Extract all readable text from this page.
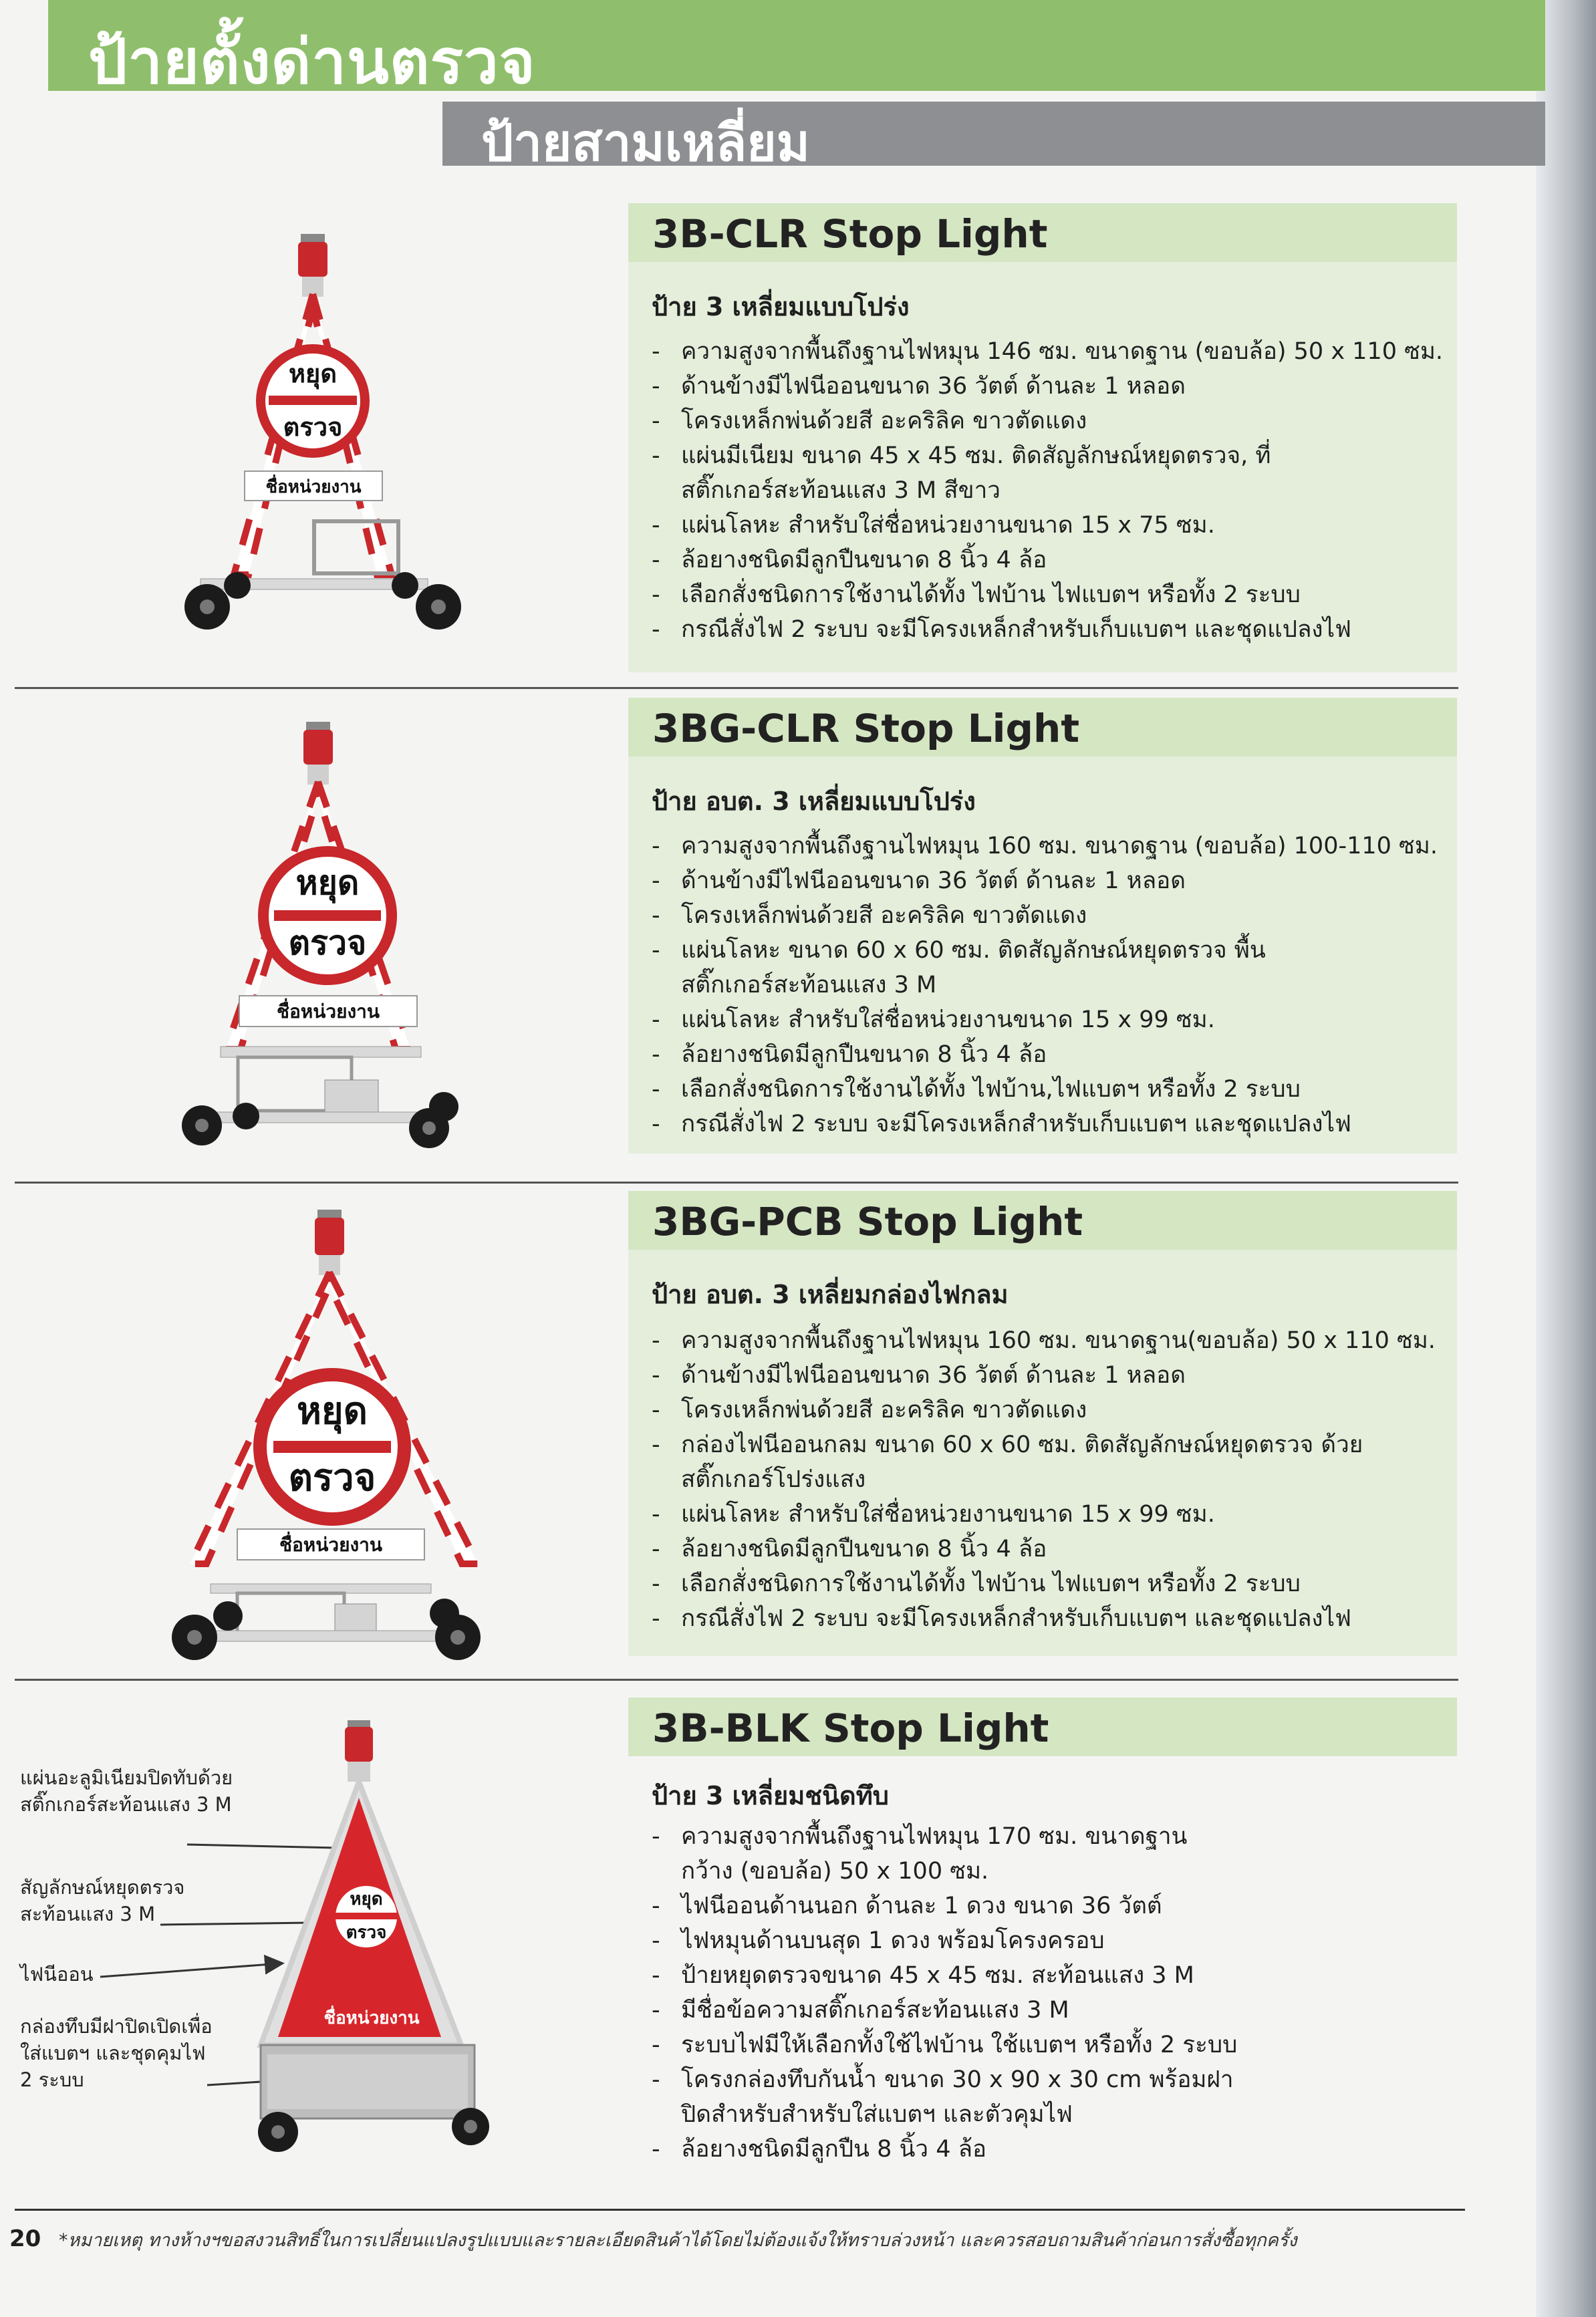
ป้ายตั้งด่านตรวจ
ป้ายสามเหลี่ยม
หยุด
ตรวจ
ชื่อหน่วยงาน
3B-CLR Stop Light
ป้าย 3 เหลี่ยมแบบโปร่ง
- ความสูงจากพื้นถึงฐานไฟหมุน 146 ซม. ขนาดฐาน (ขอบล้อ) 50 x 110 ซม.
- ด้านข้างมีไฟนีออนขนาด 36 วัตต์ ด้านละ 1 หลอด
- โครงเหล็กพ่นด้วยสี อะคริลิค ขาวตัดแดง
- แผ่นมีเนียม ขนาด 45 x 45 ซม. ติดสัญลักษณ์หยุดตรวจ, ที่สติ๊กเกอร์สะท้อนแสง 3 M สีขาว
- แผ่นโลหะ สำหรับใส่ชื่อหน่วยงานขนาด 15 x 75 ซม.
- ล้อยางชนิดมีลูกปืนขนาด 8 นิ้ว 4 ล้อ
- เลือกสั่งชนิดการใช้งานได้ทั้ง ไฟบ้าน ไฟแบตฯ หรือทั้ง 2 ระบบ
- กรณีสั่งไฟ 2 ระบบ จะมีโครงเหล็กสำหรับเก็บแบตฯ และชุดแปลงไฟ
หยุด
ตรวจ
ชื่อหน่วยงาน
3BG-CLR Stop Light
ป้าย อบต. 3 เหลี่ยมแบบโปร่ง
- ความสูงจากพื้นถึงฐานไฟหมุน 160 ซม. ขนาดฐาน (ขอบล้อ) 100-110 ซม.
- ด้านข้างมีไฟนีออนขนาด 36 วัตต์ ด้านละ 1 หลอด
- โครงเหล็กพ่นด้วยสี อะคริลิค ขาวตัดแดง
- แผ่นโลหะ ขนาด 60 x 60 ซม. ติดสัญลักษณ์หยุดตรวจ พื้นสติ๊กเกอร์สะท้อนแสง 3 M
- แผ่นโลหะ สำหรับใส่ชื่อหน่วยงานขนาด 15 x 99 ซม.
- ล้อยางชนิดมีลูกปืนขนาด 8 นิ้ว 4 ล้อ
- เลือกสั่งชนิดการใช้งานได้ทั้ง ไฟบ้าน,ไฟแบตฯ หรือทั้ง 2 ระบบ
- กรณีสั่งไฟ 2 ระบบ จะมีโครงเหล็กสำหรับเก็บแบตฯ และชุดแปลงไฟ
หยุด
ตรวจ
ชื่อหน่วยงาน
3BG-PCB Stop Light
ป้าย อบต. 3 เหลี่ยมกล่องไฟกลม
- ความสูงจากพื้นถึงฐานไฟหมุน 160 ซม. ขนาดฐาน(ขอบล้อ) 50 x 110 ซม.
- ด้านข้างมีไฟนีออนขนาด 36 วัตต์ ด้านละ 1 หลอด
- โครงเหล็กพ่นด้วยสี อะคริลิค ขาวตัดแดง
- กล่องไฟนีออนกลม ขนาด 60 x 60 ซม. ติดสัญลักษณ์หยุดตรวจ ด้วยสติ๊กเกอร์โปร่งแสง
- แผ่นโลหะ สำหรับใส่ชื่อหน่วยงานขนาด 15 x 99 ซม.
- ล้อยางชนิดมีลูกปืนขนาด 8 นิ้ว 4 ล้อ
- เลือกสั่งชนิดการใช้งานได้ทั้ง ไฟบ้าน ไฟแบตฯ หรือทั้ง 2 ระบบ
- กรณีสั่งไฟ 2 ระบบ จะมีโครงเหล็กสำหรับเก็บแบตฯ และชุดแปลงไฟ
แผ่นอะลูมิเนียมปิดทับด้วยสติ๊กเกอร์สะท้อนแสง 3 M
สัญลักษณ์หยุดตรวจสะท้อนแสง 3 M
ไฟนีออน
กล่องทึบมีฝาปิดเปิดเพื่อใส่แบตฯ และชุดคุมไฟ 2 ระบบ
หยุด
ตรวจ
ชื่อหน่วยงาน
3B-BLK Stop Light
ป้าย 3 เหลี่ยมชนิดทึบ
- ความสูงจากพื้นถึงฐานไฟหมุน 170 ซม. ขนาดฐานกว้าง (ขอบล้อ) 50 x 100 ซม.
- ไฟนีออนด้านนอก ด้านละ 1 ดวง ขนาด 36 วัตต์
- ไฟหมุนด้านบนสุด 1 ดวง พร้อมโครงครอบ
- ป้ายหยุดตรวจขนาด 45 x 45 ซม. สะท้อนแสง 3 M
- มีชื่อข้อความสติ๊กเกอร์สะท้อนแสง 3 M
- ระบบไฟมีให้เลือกทั้งใช้ไฟบ้าน ใช้แบตฯ หรือทั้ง 2 ระบบ
- โครงกล่องทึบกันน้ำ ขนาด 30 x 90 x 30 cm พร้อมฝาปิดสำหรับสำหรับใส่แบตฯ และตัวคุมไฟ
- ล้อยางชนิดมีลูกปืน 8 นิ้ว 4 ล้อ
20 *หมายเหตุ ทางห้างฯขอสงวนสิทธิ์ในการเปลี่ยนแปลงรูปแบบและรายละเอียดสินค้าได้โดยไม่ต้องแจ้งให้ทราบล่วงหน้า และควรสอบถามสินค้าก่อนการสั่งซื้อทุกครั้ง
